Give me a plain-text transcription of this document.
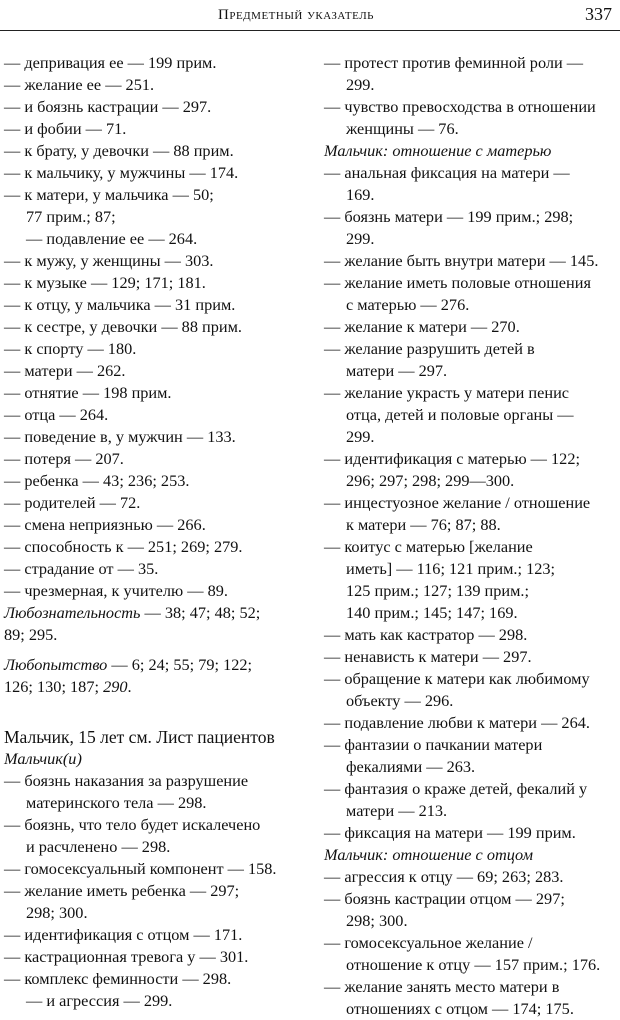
Предметный указатель	337
— депривация ее — 199 прим.
— желание ее — 251.
— и боязнь кастрации — 297.
— и фобии — 71.
— к брату, у девочки — 88 прим.
— к мальчику, у мужчины — 174.
— к матери, у мальчика — 50;
77 прим.; 87;
— подавление ее — 264.
— к мужу, у женщины — 303.
— к музыке — 129; 171; 181.
— к отцу, у мальчика — 31 прим.
— к сестре, у девочки — 88 прим.
— к спорту — 180.
— матери — 262.
— отнятие — 198 прим.
— отца — 264.
— поведение в, у мужчин — 133.
— потеря — 207.
— ребенка — 43; 236; 253.
— родителей — 72.
— смена неприязнью — 266.
— способность к — 251; 269; 279.
— страдание от — 35.
— чрезмерная, к учителю — 89.
Любознательность — 38; 47; 48; 52;
89; 295.
Любопытство — 6; 24; 55; 79; 122;
126; 130; 187; 290.
Мальчик, 15 лет см. Лист пациентов
Мальчик(и)
— боязнь наказания за разрушение
материнского тела — 298.
— боязнь, что тело будет искалечено
и расчленено — 298.
— гомосексуальный компонент — 158.
— желание иметь ребенка — 297;
298; 300.
— идентификация с отцом — 171.
— кастрационная тревога у — 301.
— комплекс феминности — 298.
— и агрессия — 299.
— протест против феминной роли —
299.
— чувство превосходства в отношении
женщины — 76.
Мальчик: отношение с матерью
— анальная фиксация на матери —
169.
— боязнь матери — 199 прим.; 298;
299.
— желание быть внутри матери — 145.
— желание иметь половые отношения
с матерью — 276.
— желание к матери — 270.
— желание разрушить детей в
матери — 297.
— желание украсть у матери пенис
отца, детей и половые органы —
299.
— идентификация с матерью — 122;
296; 297; 298; 299—300.
— инцестуозное желание / отношение
к матери — 76; 87; 88.
— коитус с матерью [желание
иметь] — 116; 121 прим.; 123;
125 прим.; 127; 139 прим.;
140 прим.; 145; 147; 169.
— мать как кастратор — 298.
— ненависть к матери — 297.
— обращение к матери как любимому
объекту — 296.
— подавление любви к матери — 264.
— фантазии о пачкании матери
фекалиями — 263.
— фантазия о краже детей, фекалий у
матери — 213.
— фиксация на матери — 199 прим.
Мальчик: отношение с отцом
— агрессия к отцу — 69; 263; 283.
— боязнь кастрации отцом — 297;
298; 300.
— гомосексуальное желание /
отношение к отцу — 157 прим.; 176.
— желание занять место матери в
отношениях с отцом — 174; 175.
